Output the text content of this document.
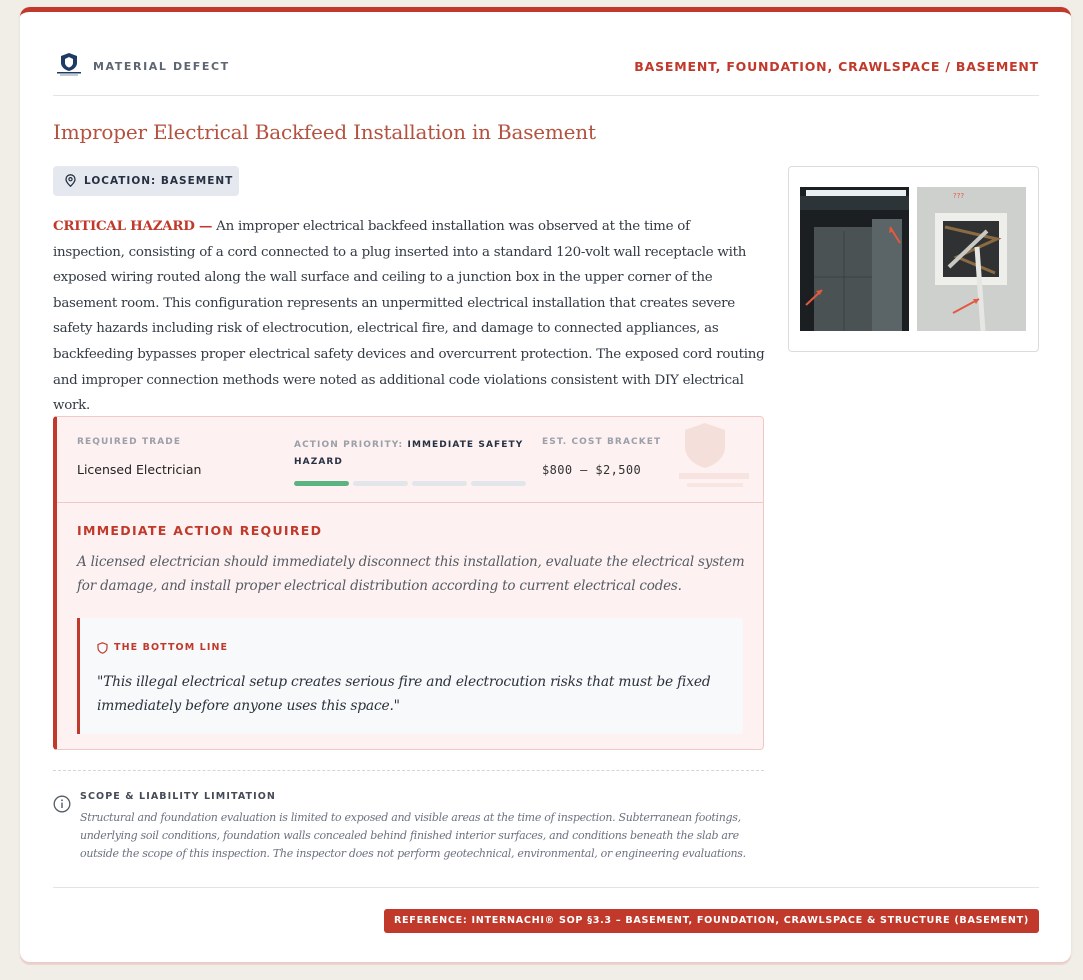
MATERIAL DEFECT	BASEMENT, FOUNDATION, CRAWLSPACE / BASEMENT
Improper Electrical Backfeed Installation in Basement
LOCATION: BASEMENT
CRITICAL HAZARD — An improper electrical backfeed installation was observed at the time of inspection, consisting of a cord connected to a plug inserted into a standard 120-volt wall receptacle with exposed wiring routed along the wall surface and ceiling to a junction box in the upper corner of the basement room. This configuration represents an unpermitted electrical installation that creates severe safety hazards including risk of electrocution, electrical fire, and damage to connected appliances, as backfeeding bypasses proper electrical safety devices and overcurrent protection. The exposed cord routing and improper connection methods were noted as additional code violations consistent with DIY electrical work.
???
REQUIRED TRADE
Licensed Electrician
ACTION PRIORITY: IMMEDIATE SAFETY HAZARD
EST. COST BRACKET
$800 – $2,500
IMMEDIATE ACTION REQUIRED
A licensed electrician should immediately disconnect this installation, evaluate the electrical system for damage, and install proper electrical distribution according to current electrical codes.
THE BOTTOM LINE
"This illegal electrical setup creates serious fire and electrocution risks that must be fixed immediately before anyone uses this space."
SCOPE & LIABILITY LIMITATION
Structural and foundation evaluation is limited to exposed and visible areas at the time of inspection. Subterranean footings, underlying soil conditions, foundation walls concealed behind finished interior surfaces, and conditions beneath the slab are outside the scope of this inspection. The inspector does not perform geotechnical, environmental, or engineering evaluations.
REFERENCE: INTERNACHI® SOP §3.3 – BASEMENT, FOUNDATION, CRAWLSPACE & STRUCTURE (BASEMENT)
